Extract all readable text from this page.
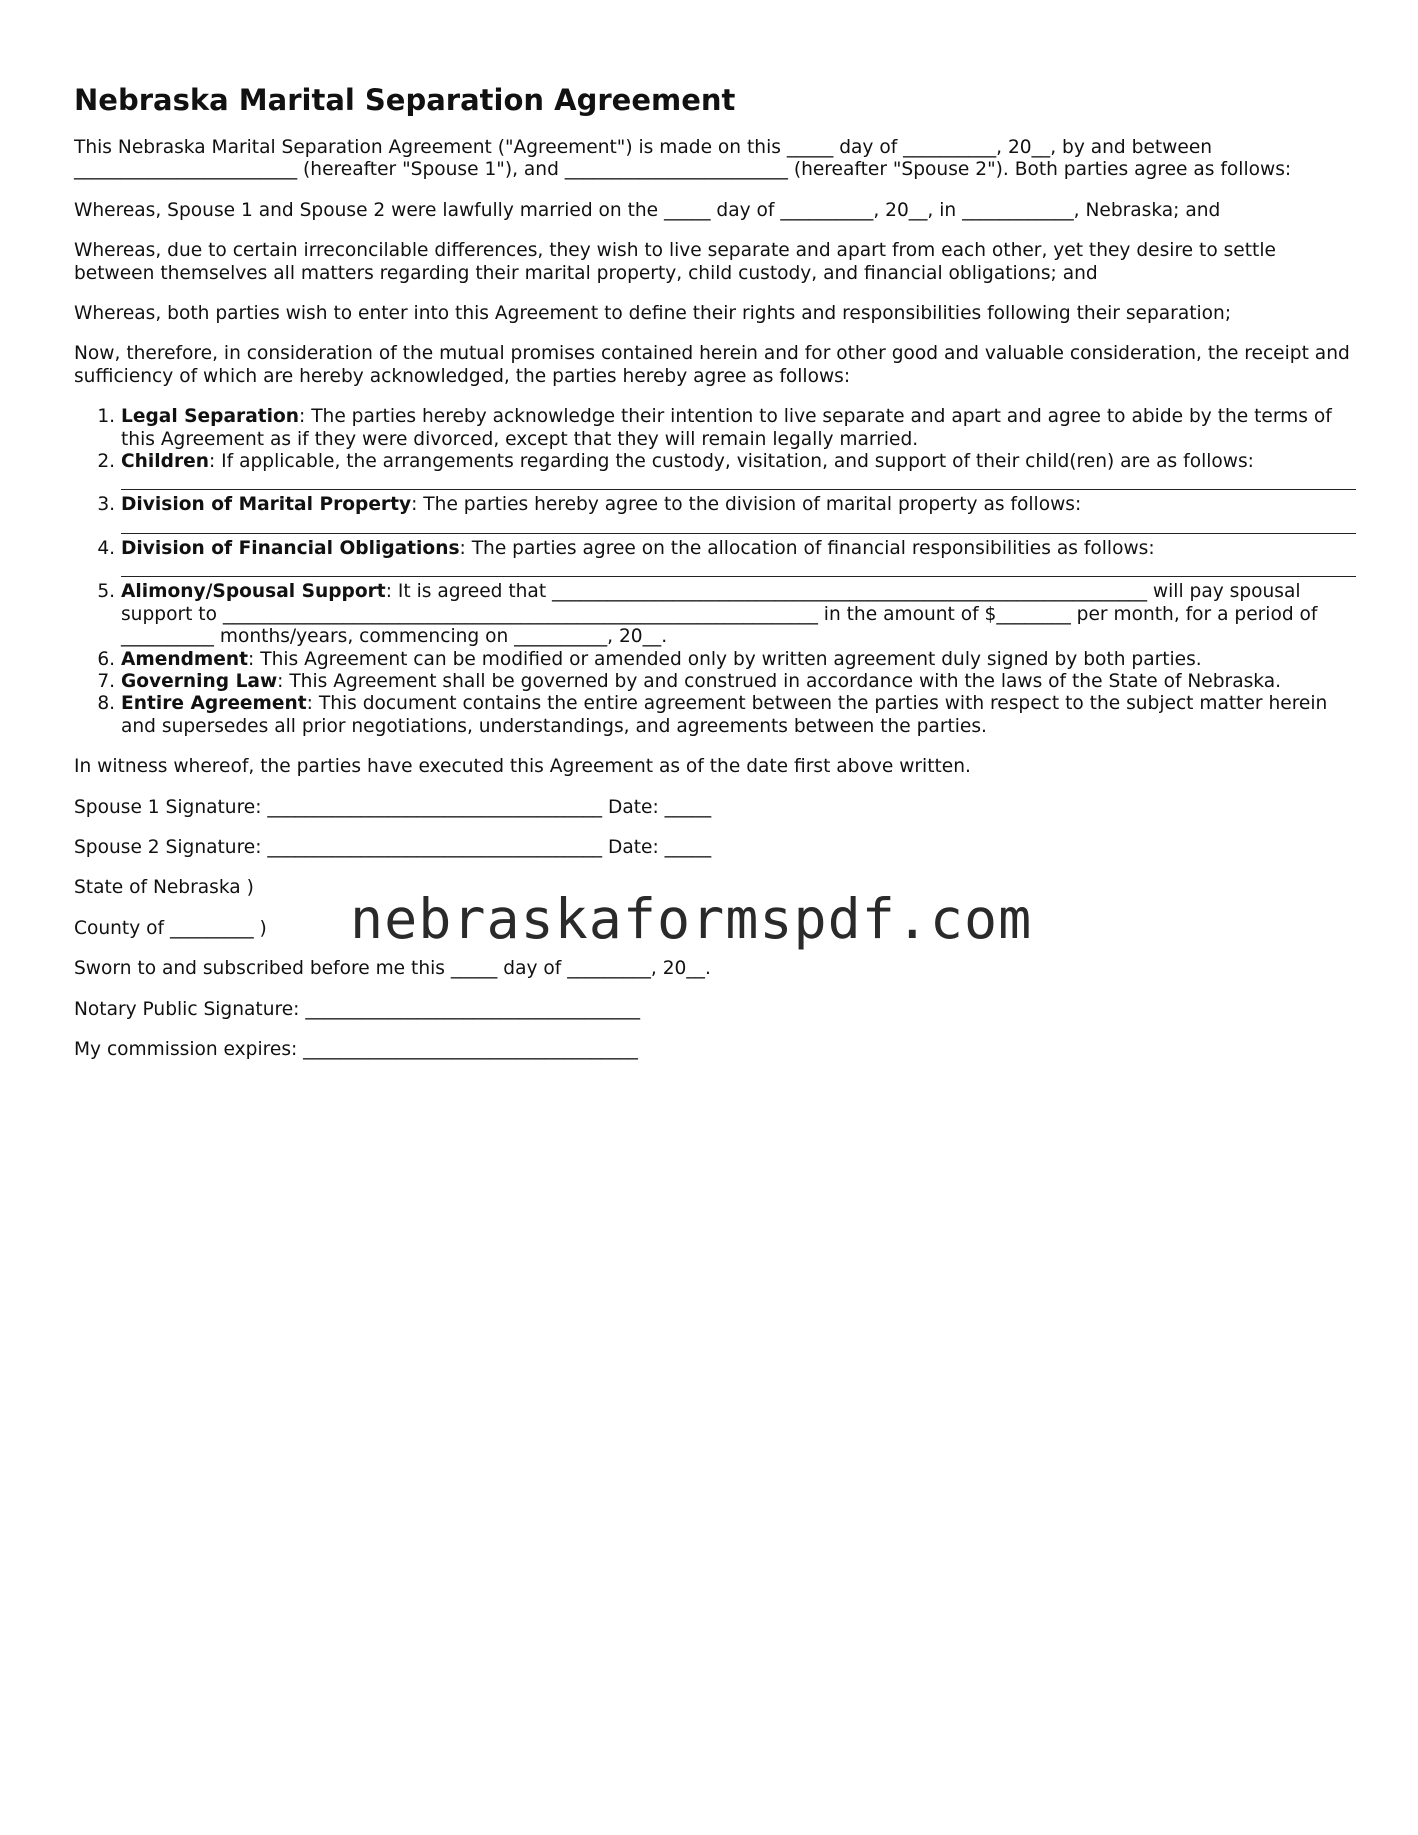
Nebraska Marital Separation Agreement

This Nebraska Marital Separation Agreement ("Agreement") is made on this _____ day of __________, 20__, by and between ________________________ (hereafter "Spouse 1"), and ________________________ (hereafter "Spouse 2"). Both parties agree as follows:

Whereas, Spouse 1 and Spouse 2 were lawfully married on the _____ day of __________, 20__, in ____________, Nebraska; and

Whereas, due to certain irreconcilable differences, they wish to live separate and apart from each other, yet they desire to settle between themselves all matters regarding their marital property, child custody, and financial obligations; and

Whereas, both parties wish to enter into this Agreement to define their rights and responsibilities following their separation;

Now, therefore, in consideration of the mutual promises contained herein and for other good and valuable consideration, the receipt and sufficiency of which are hereby acknowledged, the parties hereby agree as follows:

1. Legal Separation: The parties hereby acknowledge their intention to live separate and apart and agree to abide by the terms of this Agreement as if they were divorced, except that they will remain legally married.
2. Children: If applicable, the arrangements regarding the custody, visitation, and support of their child(ren) are as follows:
3. Division of Marital Property: The parties hereby agree to the division of marital property as follows:
4. Division of Financial Obligations: The parties agree on the allocation of financial responsibilities as follows:
5. Alimony/Spousal Support: It is agreed that ________________________________________________________________ will pay spousal support to ________________________________________________________________ in the amount of $________ per month, for a period of __________ months/years, commencing on __________, 20__.
6. Amendment: This Agreement can be modified or amended only by written agreement duly signed by both parties.
7. Governing Law: This Agreement shall be governed by and construed in accordance with the laws of the State of Nebraska.
8. Entire Agreement: This document contains the entire agreement between the parties with respect to the subject matter herein and supersedes all prior negotiations, understandings, and agreements between the parties.

In witness whereof, the parties have executed this Agreement as of the date first above written.

Spouse 1 Signature: ____________________________________ Date: _____

Spouse 2 Signature: ____________________________________ Date: _____

State of Nebraska )

County of _________ )

Sworn to and subscribed before me this _____ day of _________, 20__.

Notary Public Signature: ____________________________________

My commission expires: ____________________________________

nebraskaformspdf.com
